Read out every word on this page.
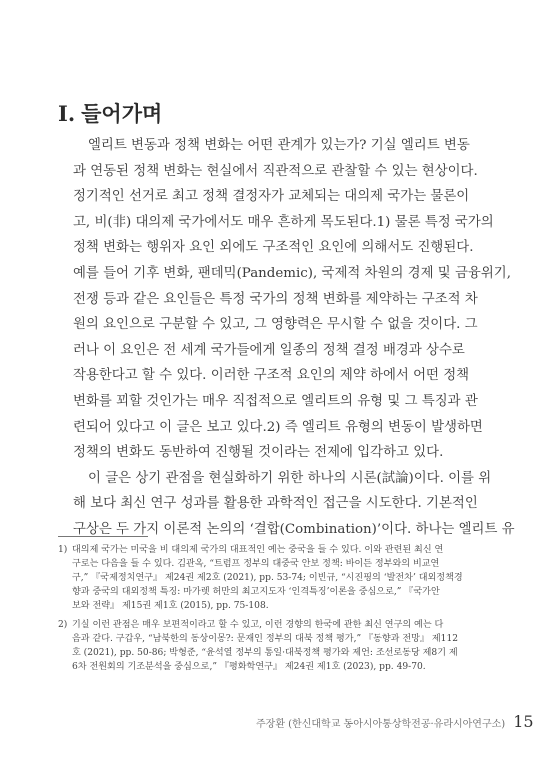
Ⅰ. 들어가며

엘리트 변동과 정책 변화는 어떤 관계가 있는가? 기실 엘리트 변동
과 연동된 정책 변화는 현실에서 직관적으로 관찰할 수 있는 현상이다.
정기적인 선거로 최고 정책 결정자가 교체되는 대의제 국가는 물론이
고, 비(非) 대의제 국가에서도 매우 흔하게 목도된다.1) 물론 특정 국가의
정책 변화는 행위자 요인 외에도 구조적인 요인에 의해서도 진행된다.
예를 들어 기후 변화, 팬데믹(Pandemic), 국제적 차원의 경제 및 금융위기,
전쟁 등과 같은 요인들은 특정 국가의 정책 변화를 제약하는 구조적 차
원의 요인으로 구분할 수 있고, 그 영향력은 무시할 수 없을 것이다. 그
러나 이 요인은 전 세계 국가들에게 일종의 정책 결정 배경과 상수로
작용한다고 할 수 있다. 이러한 구조적 요인의 제약 하에서 어떤 정책
변화를 꾀할 것인가는 매우 직접적으로 엘리트의 유형 및 그 특징과 관
련되어 있다고 이 글은 보고 있다.2) 즉 엘리트 유형의 변동이 발생하면
정책의 변화도 동반하여 진행될 것이라는 전제에 입각하고 있다.

이 글은 상기 관점을 현실화하기 위한 하나의 시론(試論)이다. 이를 위
해 보다 최신 연구 성과를 활용한 과학적인 접근을 시도한다. 기본적인
구상은 두 가지 이론적 논의의 ‘결합(Combination)’이다. 하나는 엘리트 유

1) 대의제 국가는 미국을 비 대의제 국가의 대표적인 예는 중국을 들 수 있다. 이와 관련된 최신 연
구로는 다음을 들 수 있다. 김관옥, “트럼프 정부의 대중국 안보 정책: 바이든 정부와의 비교연
구,” 『국제정치연구』 제24권 제2호 (2021), pp. 53-74; 이빈규, “시진핑의 ‘발전차’ 대외정책경
향과 중국의 대외정책 특징: 마가렛 허만의 최고지도자 ‘인격특징’이론을 중심으로,” 『국가안
보와 전략』 제15권 제1호 (2015), pp. 75-108.
2) 기실 이런 관점은 매우 보편적이라고 할 수 있고, 이런 경향의 한국에 관한 최신 연구의 예는 다
음과 같다. 구갑우, “남북한의 동상이몽?: 문재인 정부의 대북 정책 평가,” 『동향과 전망』 제112
호 (2021), pp. 50-86; 박형준, “윤석열 정부의 통일·대북정책 평가와 제언: 조선로동당 제8기 제
6차 전원회의 기조분석을 중심으로,” 『평화학연구』 제24권 제1호 (2023), pp. 49-70.
주장환 (한신대학교 동아시아통상학전공·유라시아연구소) 15
